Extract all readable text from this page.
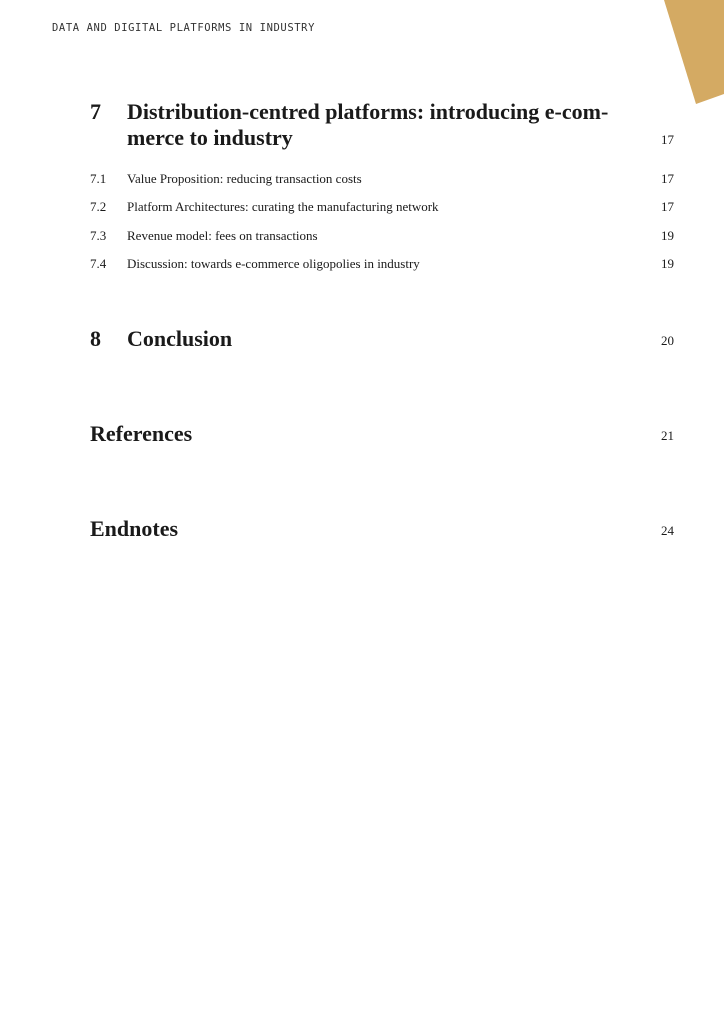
DATA AND DIGITAL PLATFORMS IN INDUSTRY
7 Distribution-centred platforms: introducing e-com-
merce to industry	17
7.1 Value Proposition: reducing transaction costs	17
7.2 Platform Architectures: curating the manufacturing network	17
7.3 Revenue model: fees on transactions	19
7.4 Discussion: towards e-commerce oligopolies in industry	19
8 Conclusion	20
References	21
Endnotes	24
